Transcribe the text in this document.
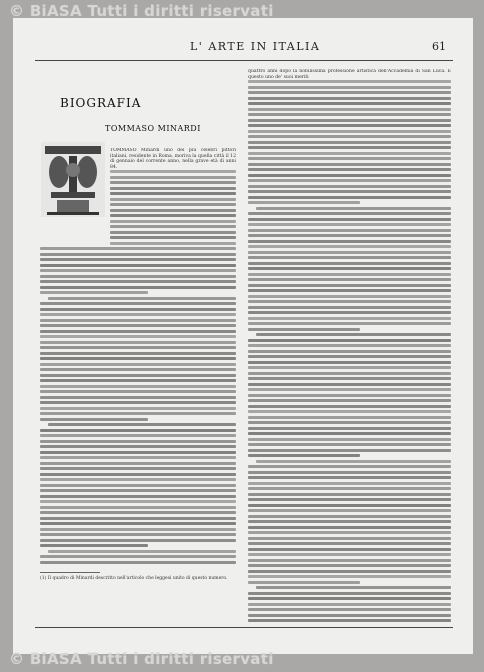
© BiASA Tutti i diritti riservati
L' ARTE IN ITALIA	61
BIOGRAFIA
TOMMASO MINARDI
TOMMASO Minardi uno dei più celebri pittori italiani, residente in Roma, moriva la quella città il 12 di gennaio del corrente anno, nella grave età di anni 84.
quattro anni dopo la nobilissima professione artistica dell'Accademia di San Luca. E questo uno de' suoi meriti
(1) Il quadro di Minardi descritto nell'articolo che leggesi unito di questo numero.
© BiASA Tutti i diritti riservati
